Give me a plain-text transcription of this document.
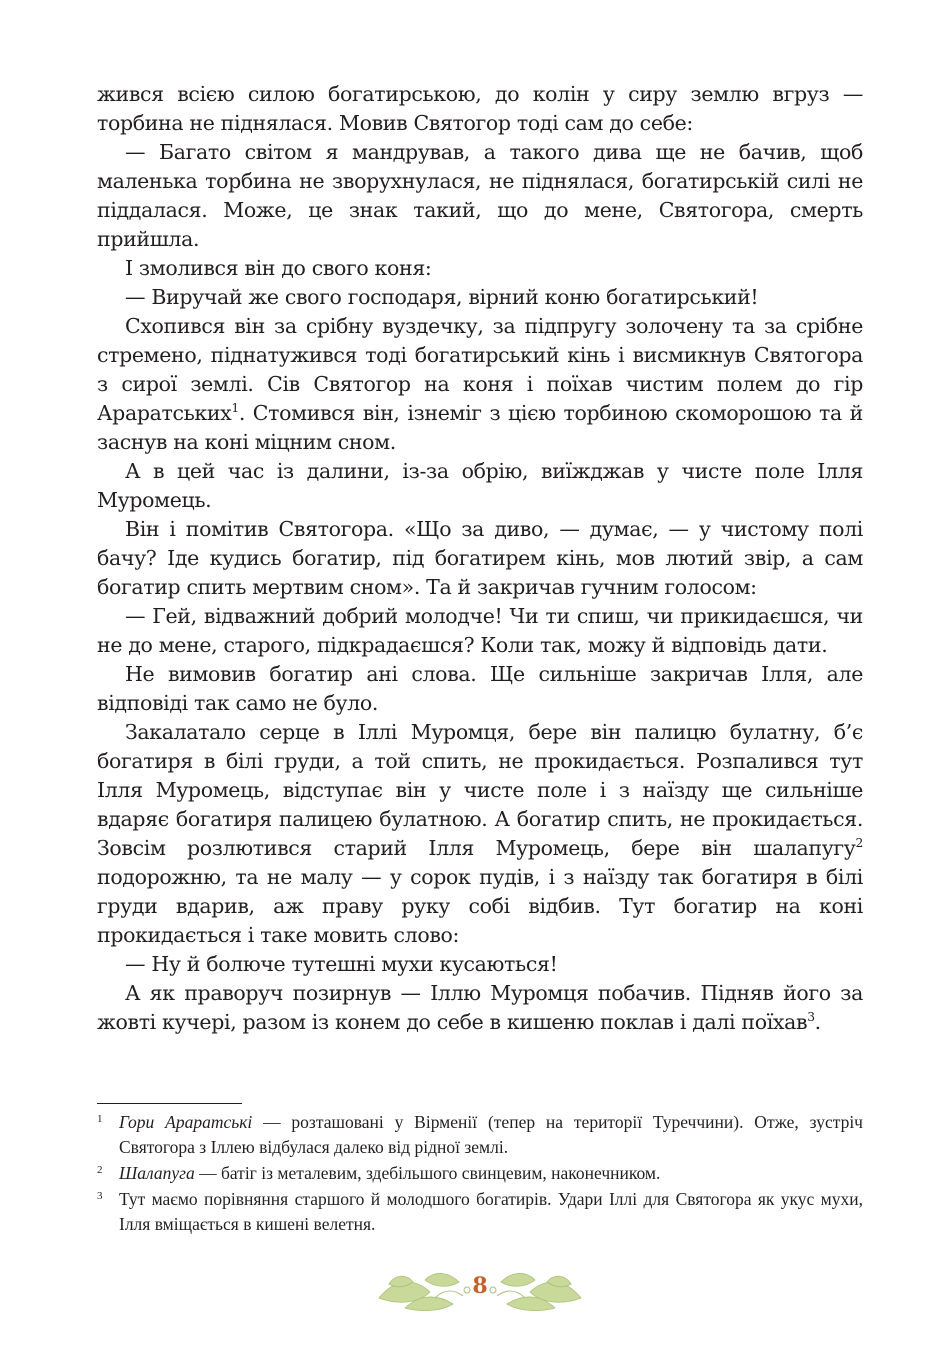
жився всією силою богатирською, до колін у сиру землю вгруз — торбина не піднялася. Мовив Святогор тоді сам до себе:

— Багато світом я мандрував, а такого дива ще не бачив, щоб маленька торбина не зворухнулася, не піднялася, богатирській силі не піддалася. Може, це знак такий, що до мене, Святогора, смерть прийшла.

І змолився він до свого коня:

— Виручай же свого господаря, вірний коню богатирський!

Схопився він за срібну вуздечку, за підпругу золочену та за срібне стремено, піднатужився тоді богатирський кінь і висмикнув Святогора з сирої землі. Сів Святогор на коня і поїхав чистим полем до гір Араратських$^1$. Стомився він, ізнеміг з цією торбиною скоморошою та й заснув на коні міцним сном.

А в цей час із далини, із-за обрію, виїжджав у чисте поле Ілля Муромець.

Він і помітив Святогора. «Що за диво, — думає, — у чистому полі бачу? Іде кудись богатир, під богатирем кінь, мов лютий звір, а сам богатир спить мертвим сном». Та й закричав гучним голосом:

— Гей, відважний добрий молодче! Чи ти спиш, чи прикидаєшся, чи не до мене, старого, підкрадаєшся? Коли так, можу й відповідь дати.

Не вимовив богатир ані слова. Ще сильніше закричав Ілля, але відповіді так само не було.

Закалатало серце в Іллі Муромця, бере він палицю булатну, б’є богатиря в білі груди, а той спить, не прокидається. Розпалився тут Ілля Муромець, відступає він у чисте поле і з наїзду ще сильніше вдаряє богатиря палицею булатною. А богатир спить, не прокидається. Зовсім розлютився старий Ілля Муромець, бере він шалапугу$^2$ подорожню, та не малу — у сорок пудів, і з наїзду так богатиря в білі груди вдарив, аж праву руку собі відбив. Тут богатир на коні прокидається і таке мовить слово:

— Ну й болюче тутешні мухи кусаються!

А як праворуч позирнув — Іллю Муромця побачив. Підняв його за жовті кучері, разом із конем до себе в кишеню поклав і далі поїхав$^3$.

1 Гори Араратські — розташовані у Вірменії (тепер на території Туреччини). Отже, зустріч Святогора з Іллею відбулася далеко від рідної землі.

2 Шалапуга — батіг із металевим, здебільшого свинцевим, наконечником.

3 Тут маємо порівняння старшого й молодшого богатирів. Удари Іллі для Святогора як укус мухи, Ілля вміщається в кишені велетня.

8
